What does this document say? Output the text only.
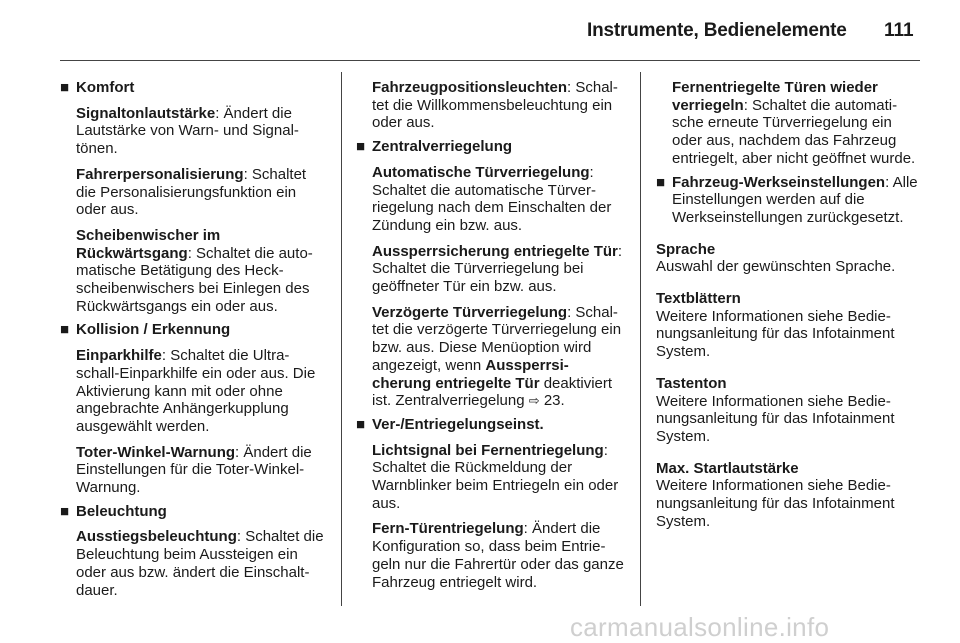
Instrumente, Bedienelemente 111
■ Komfort

Signaltonlautstärke: Ändert die Lautstärke von Warn- und Signal-tönen.

Fahrerpersonalisierung: Schaltet die Personalisierungsfunktion ein oder aus.

Scheibenwischer im
Rückwärtsgang: Schaltet die auto-matische Betätigung des Heck-scheibenwischers bei Einlegen des Rückwärtsgangs ein oder aus.

■ Kollision / Erkennung

Einparkhilfe: Schaltet die Ultra-schall-Einparkhilfe ein oder aus. Die Aktivierung kann mit oder ohne angebrachte Anhängerkupplung ausgewählt werden.

Toter-Winkel-Warnung: Ändert die Einstellungen für die Toter-Winkel-Warnung.

■ Beleuchtung

Ausstiegsbeleuchtung: Schaltet die Beleuchtung beim Aussteigen ein oder aus bzw. ändert die Einschalt-dauer.

Fahrzeugpositionsleuchten: Schal-tet die Willkommensbeleuchtung ein oder aus.

■ Zentralverriegelung

Automatische Türverriegelung: Schaltet die automatische Türver-riegelung nach dem Einschalten der Zündung ein bzw. aus.

Aussperrsicherung entriegelte Tür: Schaltet die Türverriegelung bei geöffneter Tür ein bzw. aus.

Verzögerte Türverriegelung: Schal-tet die verzögerte Türverriegelung ein bzw. aus. Diese Menüoption wird angezeigt, wenn Aussperrsi-cherung entriegelte Tür deaktiviert ist. Zentralverriegelung ⇨ 23.

■ Ver-/Entriegelungseinst.

Lichtsignal bei Fernentriegelung: Schaltet die Rückmeldung der Warnblinker beim Entriegeln ein oder aus.

Fern-Türentriegelung: Ändert die Konfiguration so, dass beim Entrie-geln nur die Fahrertür oder das ganze Fahrzeug entriegelt wird.

Fernentriegelte Türen wieder verriegeln: Schaltet die automati-sche erneute Türverriegelung ein oder aus, nachdem das Fahrzeug entriegelt, aber nicht geöffnet wurde.

■ Fahrzeug-Werkseinstellungen: Alle Einstellungen werden auf die Werkseinstellungen zurückgesetzt.
Sprache
Auswahl der gewünschten Sprache.
Textblättern
Weitere Informationen siehe Bedie-nungsanleitung für das Infotainment System.
Tastenton
Weitere Informationen siehe Bedie-nungsanleitung für das Infotainment System.
Max. Startlautstärke
Weitere Informationen siehe Bedie-nungsanleitung für das Infotainment System.
carmanualsonline.info
